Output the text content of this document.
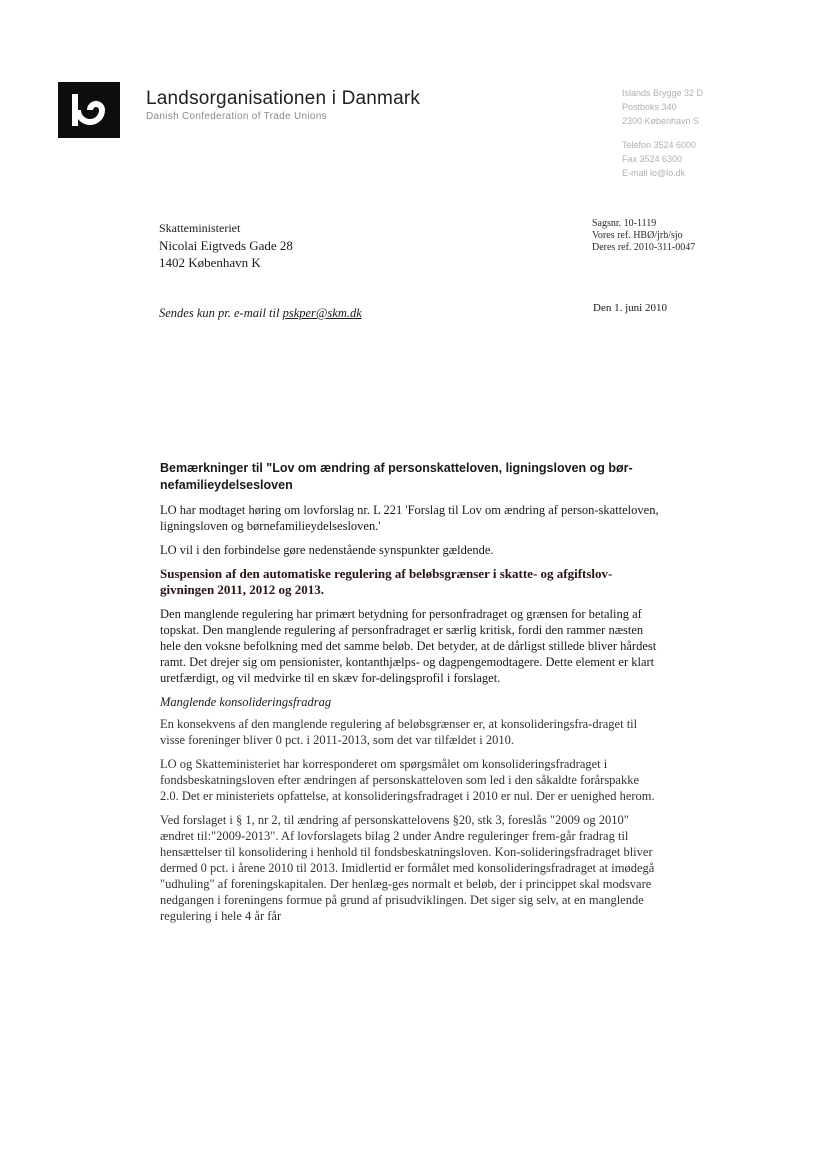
Landsorganisationen i Danmark
Danish Confederation of Trade Unions
Islands Brygge 32 D
Postboks 340
2300 København S
Telefon 3524 6000
Fax 3524 6300
E-mail lo@lo.dk
Skatteministeriet
Nicolai Eigtveds Gade 28
1402 København K
Sagsnr. 10-1119
Vores ref. HBØ/jrb/sjo
Deres ref. 2010-311-0047
Sendes kun pr. e-mail til pskper@skm.dk	Den 1. juni 2010
Bemærkninger til "Lov om ændring af personskatteloven, ligningsloven og bør-nefamilieydelsesloven

LO har modtaget høring om lovforslag nr. L 221 'Forslag til Lov om ændring af person-skatteloven, ligningsloven og børnefamilieydelsesloven.'

LO vil i den forbindelse gøre nedenstående synspunkter gældende.

Suspension af den automatiske regulering af beløbsgrænser i skatte- og afgiftslov-givningen 2011, 2012 og 2013.

Den manglende regulering har primært betydning for personfradraget og grænsen for betaling af topskat. Den manglende regulering af personfradraget er særlig kritisk, fordi den rammer næsten hele den voksne befolkning med det samme beløb. Det betyder, at de dårligst stillede bliver hårdest ramt. Det drejer sig om pensionister, kontanthjælps- og dagpengemodtagere. Dette element er klart uretfærdigt, og vil medvirke til en skæv for-delingsprofil i forslaget.

Manglende konsolideringsfradrag

En konsekvens af den manglende regulering af beløbsgrænser er, at konsolideringsfra-draget til visse foreninger bliver 0 pct. i 2011-2013, som det var tilfældet i 2010.

LO og Skatteministeriet har korresponderet om spørgsmålet om konsolideringsfradraget i fondsbeskatningsloven efter ændringen af personskatteloven som led i den såkaldte forårspakke 2.0. Det er ministeriets opfattelse, at konsolideringsfradraget i 2010 er nul. Der er uenighed herom.

Ved forslaget i § 1, nr 2, til ændring af personskattelovens §20, stk 3, foreslås "2009 og 2010" ændret til:"2009-2013". Af lovforslagets bilag 2 under Andre reguleringer frem-går fradrag til hensættelser til konsolidering i henhold til fondsbeskatningsloven. Kon-solideringsfradraget bliver dermed 0 pct. i årene 2010 til 2013. Imidlertid er formålet med konsolideringsfradraget at imødegå "udhuling" af foreningskapitalen. Der henlæg-ges normalt et beløb, der i princippet skal modsvare nedgangen i foreningens formue på grund af prisudviklingen. Det siger sig selv, at en manglende regulering i hele 4 år får
